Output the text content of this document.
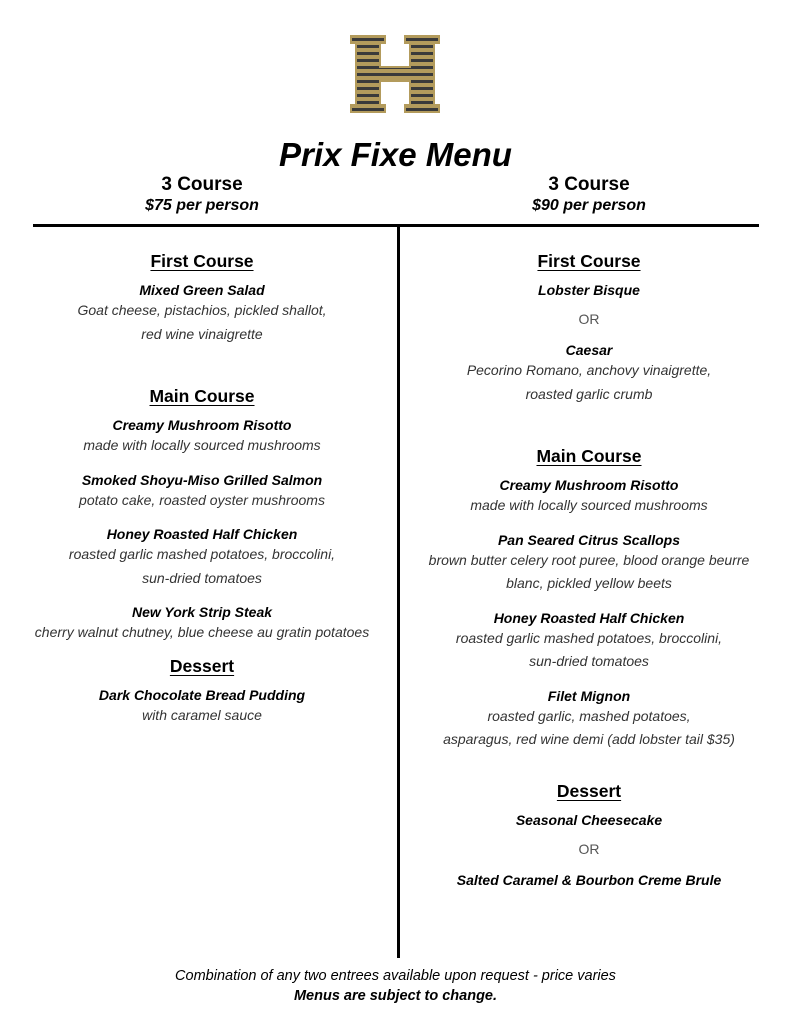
Prix Fixe Menu
3 Course
$75 per person
3 Course
$90 per person
First Course
Mixed Green Salad
Goat cheese, pistachios, pickled shallot,
red wine vinaigrette
Main Course
Creamy Mushroom Risotto
made with locally sourced mushrooms
Smoked Shoyu-Miso Grilled Salmon
potato cake, roasted oyster mushrooms
Honey Roasted Half Chicken
roasted garlic mashed potatoes, broccolini,
sun-dried tomatoes
New York Strip Steak
cherry walnut chutney, blue cheese au gratin potatoes
Dessert
Dark Chocolate Bread Pudding
with caramel sauce
First Course
Lobster Bisque
OR
Caesar
Pecorino Romano, anchovy vinaigrette,
roasted garlic crumb
Main Course
Creamy Mushroom Risotto
made with locally sourced mushrooms
Pan Seared Citrus Scallops
brown butter celery root puree, blood orange beurre
blanc, pickled yellow beets
Honey Roasted Half Chicken
roasted garlic mashed potatoes, broccolini,
sun-dried tomatoes
Filet Mignon
roasted garlic, mashed potatoes,
asparagus, red wine demi (add lobster tail $35)
Dessert
Seasonal Cheesecake
OR
Salted Caramel & Bourbon Creme Brule
Combination of any two entrees available upon request - price varies
Menus are subject to change.
